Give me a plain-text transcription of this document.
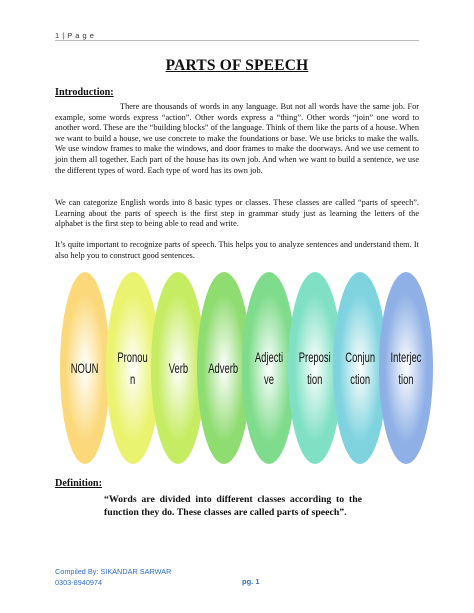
1 | P a g e
PARTS OF SPEECH
Introduction:
There are thousands of words in any language. But not all words have the same job. For example, some words express “action”. Other words express a “thing”. Other words “join” one word to another word. These are the “building blocks” of the language. Think of them like the parts of a house. When we want to build a house, we use concrete to make the foundations or base. We use bricks to make the walls. We use window frames to make the windows, and door frames to make the doorways. And we use cement to join them all together. Each part of the house has its own job. And when we want to build a sentence, we use the different types of word. Each type of word has its own job.
We can categorize English words into 8 basic types or classes. These classes are called “parts of speech”. Learning about the parts of speech is the first step in grammar study just as learning the letters of the alphabet is the first step to being able to read and write.
It’s quite important to recognize parts of speech. This helps you to analyze sentences and understand them. It also help you to construct good sentences.
NOUN
Pronou
n
Verb Adverb
Adjecti
ve
Preposi
tion
Conjun
ction
Interjec
tion
Definition:
“Words are divided into different classes according to the function they do. These classes are called parts of speech”.
Compiled By: SIKANDAR SARWAR
0303-8940974	pg. 1
